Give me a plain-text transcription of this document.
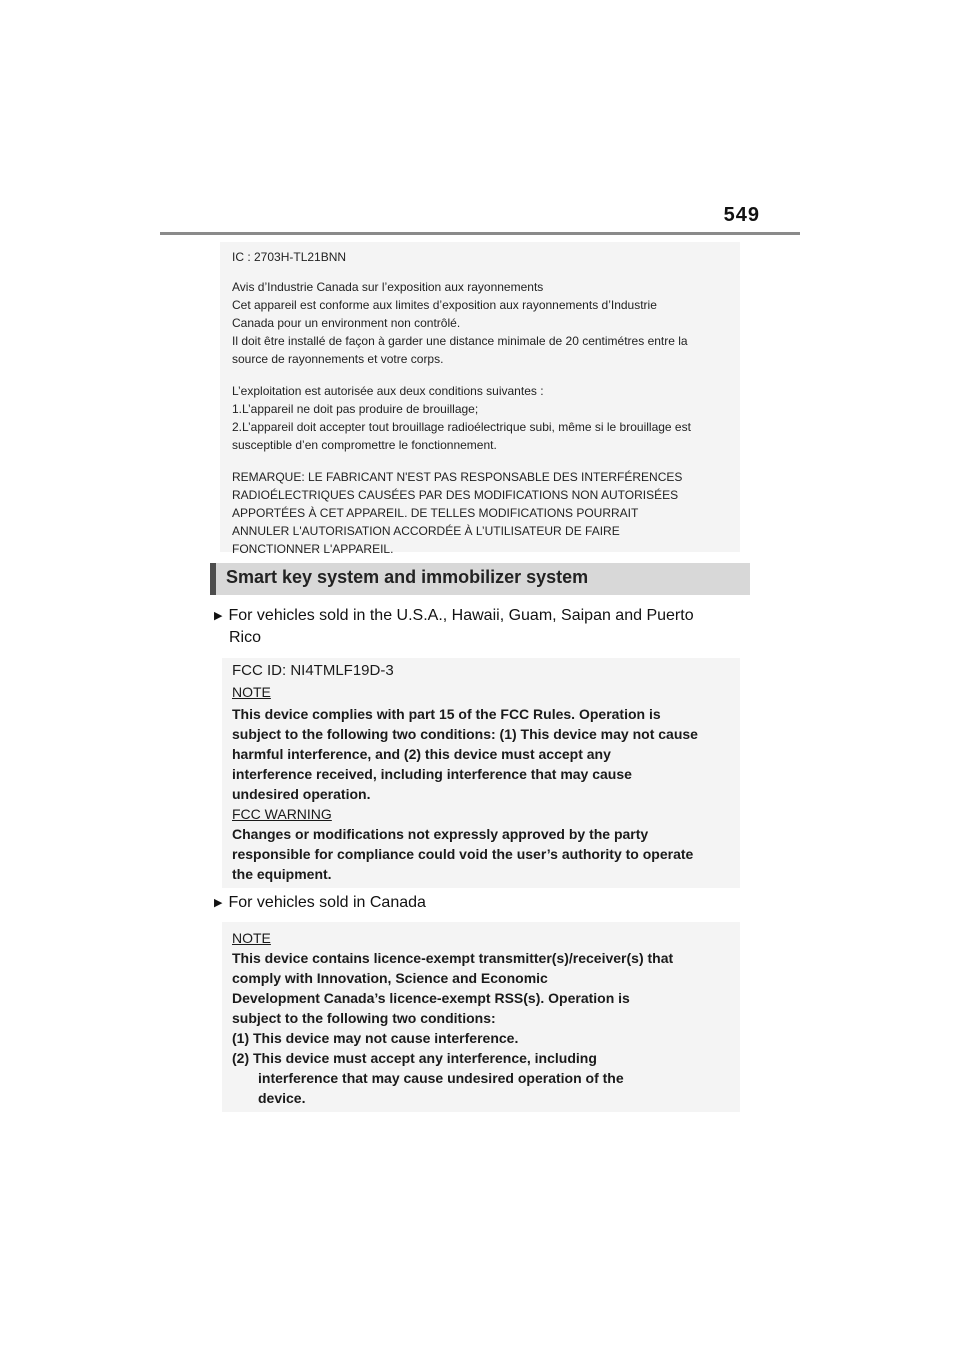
549
IC : 2703H-TL21BNN
Avis d’Industrie Canada sur l’exposition aux rayonnements
Cet appareil est conforme aux limites d’exposition aux rayonnements d’Industrie
Canada pour un environment non contrôlé.
Il doit être installé de façon à garder une distance minimale de 20 centimétres entre la
source de rayonnements et votre corps.
L’exploitation est autorisée aux deux conditions suivantes :
1.L’appareil ne doit pas produire de brouillage;
2.L’appareil doit accepter tout brouillage radioélectrique subi, même si le brouillage est
susceptible d’en compromettre le fonctionnement.
REMARQUE: LE FABRICANT N'EST PAS RESPONSABLE DES INTERFÉRENCES
RADIOÉLECTRIQUES CAUSÉES PAR DES MODIFICATIONS NON AUTORISÉES
APPORTÉES À CET APPAREIL. DE TELLES MODIFICATIONS POURRAIT
ANNULER L'AUTORISATION ACCORDÉE À L’UTILISATEUR DE FAIRE
FONCTIONNER L'APPAREIL.
Smart key system and immobilizer system
▶ For vehicles sold in the U.S.A., Hawaii, Guam, Saipan and Puerto
Rico
FCC ID: NI4TMLF19D-3
NOTE
This device complies with part 15 of the FCC Rules. Operation is
subject to the following two conditions: (1) This device may not cause
harmful interference, and (2) this device must accept any
interference received, including interference that may cause
undesired operation.
FCC WARNING
Changes or modifications not expressly approved by the party
responsible for compliance could void the user’s authority to operate
the equipment.
▶ For vehicles sold in Canada
NOTE
This device contains licence-exempt transmitter(s)/receiver(s) that
comply with Innovation, Science and Economic
Development Canada’s licence-exempt RSS(s). Operation is
subject to the following two conditions:
(1) This device may not cause interference.
(2) This device must accept any interference, including
interference that may cause undesired operation of the
device.
